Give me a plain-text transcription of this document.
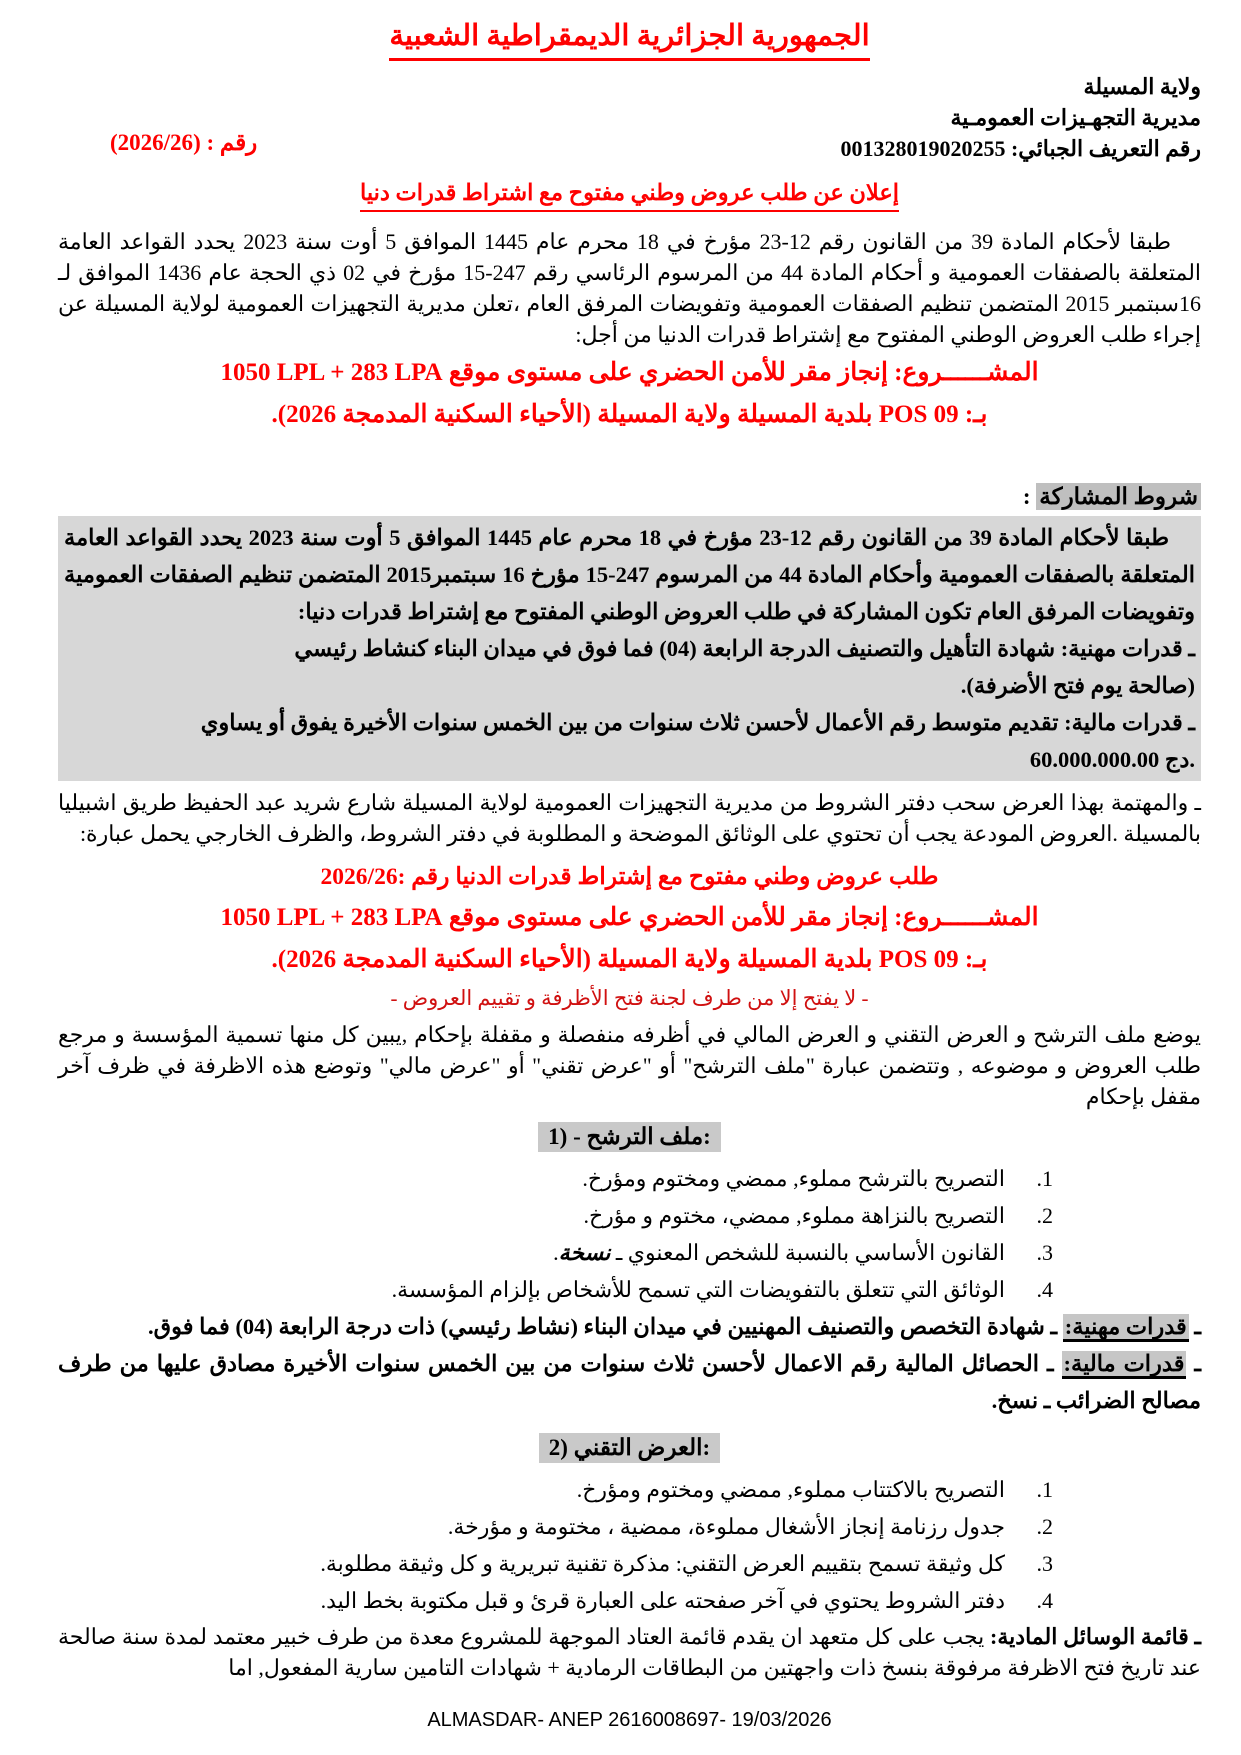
الجمهورية الجزائرية الديمقراطية الشعبية
رقم : (2026/26)
ولاية المسيلة
مديرية التجهـيزات العمومـية
رقم التعريف الجبائي: 001328019020255
إعلان عن طلب عروض وطني مفتوح مع اشتراط قدرات دنيا

طبقا لأحكام المادة 39 من القانون رقم 12-23 مؤرخ في 18 محرم عام 1445 الموافق 5 أوت سنة 2023 يحدد القواعد العامة المتعلقة بالصفقات العمومية و أحكام المادة 44 من المرسوم الرئاسي رقم 247-15 مؤرخ في 02 ذي الحجة عام 1436 الموافق لـ 16سبتمبر 2015 المتضمن تنظيم الصفقات العمومية وتفويضات المرفق العام ،تعلن مديرية التجهيزات العمومية لولاية المسيلة عن إجراء طلب العروض الوطني المفتوح مع إشتراط قدرات الدنيا من أجل:

المشــــــروع: إنجاز مقر للأمن الحضري على مستوى موقع 1050 LPL + 283 LPA
بـ: POS 09 بلدية المسيلة ولاية المسيلة (الأحياء السكنية المدمجة 2026).
شروط المشاركة :
طبقا لأحكام المادة 39 من القانون رقم 12-23 مؤرخ في 18 محرم عام 1445 الموافق 5 أوت سنة 2023 يحدد القواعد العامة المتعلقة بالصفقات العمومية وأحكام المادة 44 من المرسوم 247-15 مؤرخ 16 سبتمبر2015 المتضمن تنظيم الصفقات العمومية وتفويضات المرفق العام تكون المشاركة في طلب العروض الوطني المفتوح مع إشتراط قدرات دنيا:
ـ قدرات مهنية: شهادة التأهيل والتصنيف الدرجة الرابعة (04) فما فوق في ميدان البناء كنشاط رئيسي
(صالحة يوم فتح الأضرفة).
ـ قدرات مالية: تقديم متوسط رقم الأعمال لأحسن ثلاث سنوات من بين الخمس سنوات الأخيرة يفوق أو يساوي
60.000.000.00 دج.

ـ والمهتمة بهذا العرض سحب دفتر الشروط من مديرية التجهيزات العمومية لولاية المسيلة شارع شريد عبد الحفيظ طريق اشبيليا بالمسيلة .العروض المودعة يجب أن تحتوي على الوثائق الموضحة و المطلوبة في دفتر الشروط، والظرف الخارجي يحمل عبارة:

طلب عروض وطني مفتوح مع إشتراط قدرات الدنيا رقم :2026/26
المشــــــروع: إنجاز مقر للأمن الحضري على مستوى موقع 1050 LPL + 283 LPA
بـ: POS 09 بلدية المسيلة ولاية المسيلة (الأحياء السكنية المدمجة 2026).
- لا يفتح إلا من طرف لجنة فتح الأظرفة و تقييم العروض -

يوضع ملف الترشح و العرض التقني و العرض المالي في أظرفه منفصلة و مقفلة بإحكام ,يبين كل منها تسمية المؤسسة و مرجع طلب العروض و موضوعه , وتتضمن عبارة "ملف الترشح" أو "عرض تقني" أو "عرض مالي" وتوضع هذه الاظرفة في ظرف آخر مقفل بإحكام

1) - ملف الترشح:
1.
التصريح بالترشح مملوء, ممضي ومختوم ومؤرخ.
2.
التصريح بالنزاهة مملوء, ممضي، مختوم و مؤرخ.
3.
القانون الأساسي بالنسبة للشخص المعنوي ـ نسخة.
4.
الوثائق التي تتعلق بالتفويضات التي تسمح للأشخاص بإلزام المؤسسة.

ـ قدرات مهنية: ـ شهادة التخصص والتصنيف المهنيين في ميدان البناء (نشاط رئيسي) ذات درجة الرابعة (04) فما فوق.

ـ قدرات مالية: ـ الحصائل المالية رقم الاعمال لأحسن ثلاث سنوات من بين الخمس سنوات الأخيرة مصادق عليها من طرف مصالح الضرائب ـ نسخ.

2) العرض التقني:
1.
التصريح بالاكتتاب مملوء, ممضي ومختوم ومؤرخ.
2.
جدول رزنامة إنجاز الأشغال مملوءة، ممضية ، مختومة و مؤرخة.
3.
كل وثيقة تسمح بتقييم العرض التقني: مذكرة تقنية تبريرية و كل وثيقة مطلوبة.
4.
دفتر الشروط يحتوي في آخر صفحته على العبارة قرئ و قبل مكتوبة بخط اليد.

ـ قائمة الوسائل المادية: يجب على كل متعهد ان يقدم قائمة العتاد الموجهة للمشروع معدة من طرف خبير معتمد لمدة سنة صالحة عند تاريخ فتح الاظرفة مرفوقة بنسخ ذات واجهتين من البطاقات الرمادية + شهادات التامين سارية المفعول, اما

ALMASDAR- ANEP 2616008697- 19/03/2026
